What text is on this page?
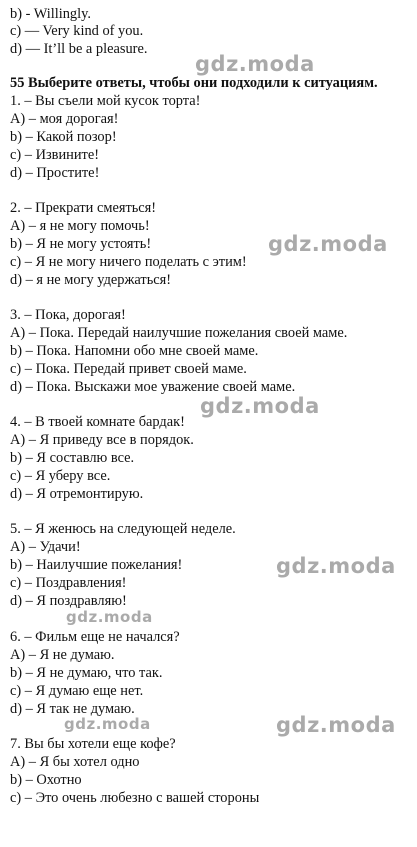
b) - Willingly.
c) — Very kind of you.
d) — It’ll be a pleasure.
55 Выберите ответы, чтобы они подходили к ситуациям.
1. – Вы съели мой кусок торта!
A) – моя дорогая!
b) – Какой позор!
c) – Извините!
d) – Простите!
2. – Прекрати смеяться!
A) – я не могу помочь!
b) – Я не могу устоять!
c) – Я не могу ничего поделать с этим!
d) – я не могу удержаться!
3. – Пока, дорогая!
A) – Пока. Передай наилучшие пожелания своей маме.
b) – Пока. Напомни обо мне своей маме.
c) – Пока. Передай привет своей маме.
d) – Пока. Выскажи мое уважение своей маме.
4. – В твоей комнате бардак!
A) – Я приведу все в порядок.
b) – Я составлю все.
c) – Я уберу все.
d) – Я отремонтирую.
5. – Я женюсь на следующей неделе.
A) – Удачи!
b) – Наилучшие пожелания!
c) – Поздравления!
d) – Я поздравляю!
6. – Фильм еще не начался?
A) – Я не думаю.
b) – Я не думаю, что так.
c) – Я думаю еще нет.
d) – Я так не думаю.
7. Вы бы хотели еще кофе?
A) – Я бы хотел одно
b) – Охотно
c) – Это очень любезно с вашей стороны
gdz.moda
gdz.moda
gdz.moda
gdz.moda
gdz.moda
gdz.moda	gdz.moda
